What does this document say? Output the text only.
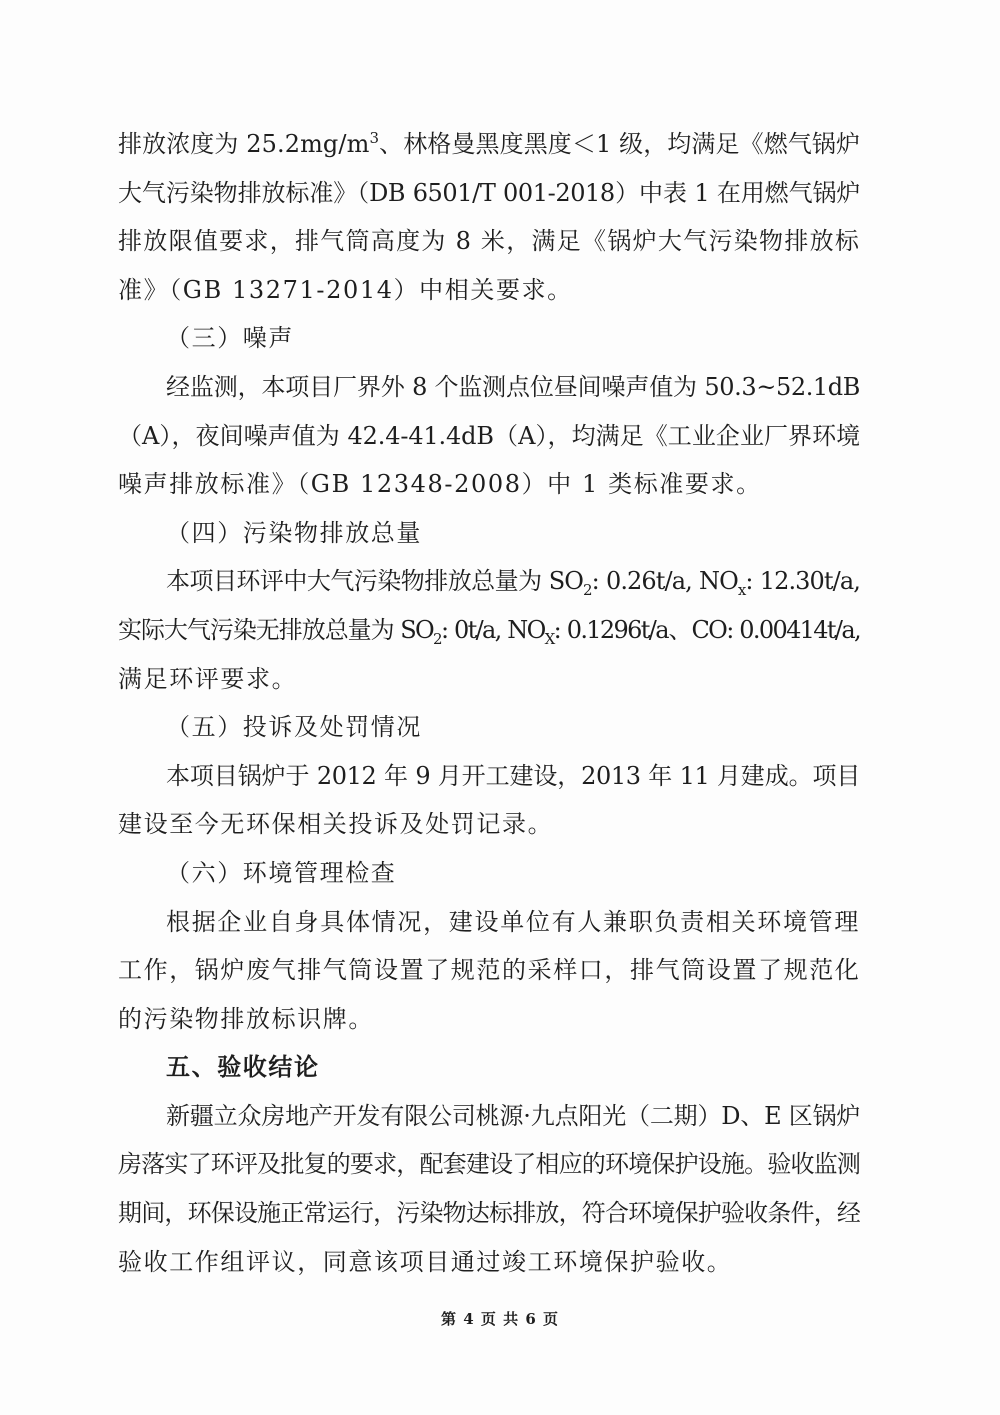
排放浓度为 $25.2mg/m^3$、林格曼黑度黑度＜1 级，均满足《燃气锅炉

大气污染物排放标准》（DB 6501/T 001-2018）中表 1 在用燃气锅炉

排放限值要求，排气筒高度为 8 米，满足《锅炉大气污染物排放标

准》（GB 13271-2014）中相关要求。

（三）噪声

经监测，本项目厂界外 8 个监测点位昼间噪声值为 50.3~52.1dB

（A），夜间噪声值为 42.4-41.4dB（A），均满足《工业企业厂界环境

噪声排放标准》（GB 12348-2008）中 1 类标准要求。

（四）污染物排放总量

本项目环评中大气污染物排放总量为 $SO_2$: 0.26t/a, $NO_x$: 12.30t/a,

实际大气污染无排放总量为 $SO_2$: 0t/a, $NO_X$: 0.1296t/a、CO: 0.00414t/a,

满足环评要求。

（五）投诉及处罚情况

本项目锅炉于 2012 年 9 月开工建设，2013 年 11 月建成。项目

建设至今无环保相关投诉及处罚记录。

（六）环境管理检查

根据企业自身具体情况，建设单位有人兼职负责相关环境管理

工作，锅炉废气排气筒设置了规范的采样口，排气筒设置了规范化

的污染物排放标识牌。

五、验收结论

新疆立众房地产开发有限公司桃源·九点阳光（二期）D、E 区锅炉

房落实了环评及批复的要求，配套建设了相应的环境保护设施。验收监测

期间，环保设施正常运行，污染物达标排放，符合环境保护验收条件，经

验收工作组评议，同意该项目通过竣工环境保护验收。

第 4 页 共 6 页
